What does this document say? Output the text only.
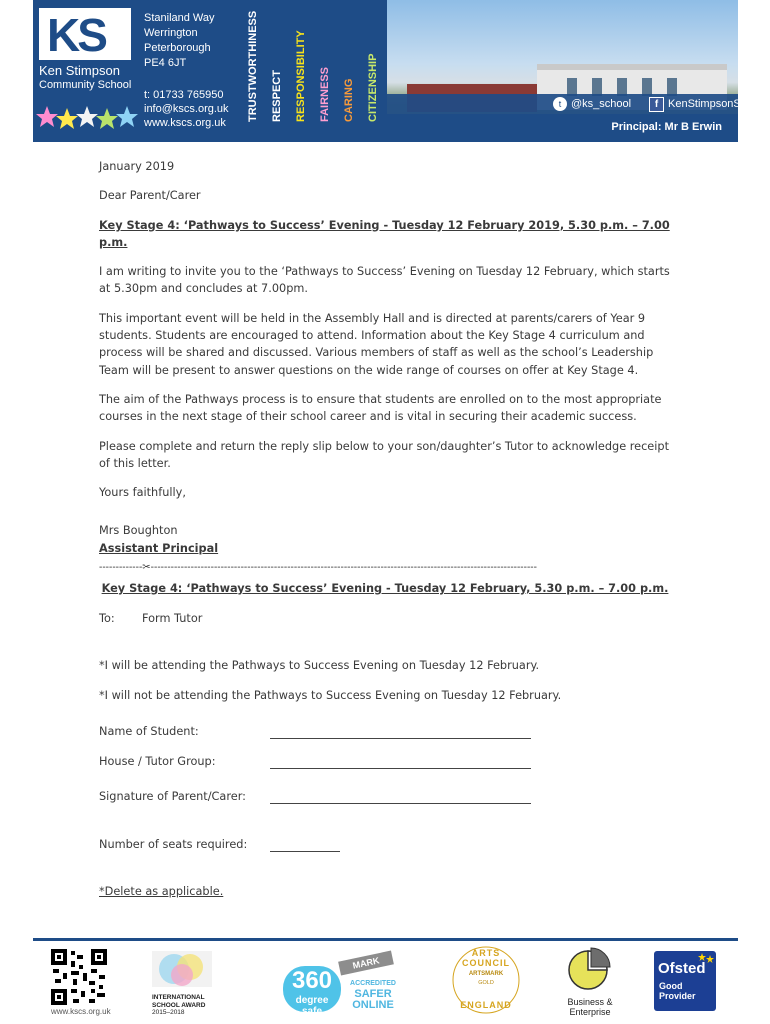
KS	Staniland Way
Werrington
Peterborough
PE4 6JT
Ken Stimpson
Community School
t: 01733 765950
info@kscs.org.uk
www.kscs.org.uk
TRUSTWORTHINESS RESPECT RESPONSIBILITY FAIRNESS CARING CITIZENSHIP	t @ks_school	f KenStimpsonSchool
Principal: Mr B Erwin

January 2019

Dear Parent/Carer

Key Stage 4: ‘Pathways to Success’ Evening - Tuesday 12 February 2019, 5.30 p.m. – 7.00 p.m.

I am writing to invite you to the ‘Pathways to Success’ Evening on Tuesday 12 February, which starts at 5.30pm and concludes at 7.00pm.

This important event will be held in the Assembly Hall and is directed at parents/carers of Year 9 students. Students are encouraged to attend. Information about the Key Stage 4 curriculum and process will be shared and discussed. Various members of staff as well as the school’s Leadership Team will be present to answer questions on the wide range of courses on offer at Key Stage 4.

The aim of the Pathways process is to ensure that students are enrolled on to the most appropriate courses in the next stage of their school career and is vital in securing their academic success.

Please complete and return the reply slip below to your son/daughter’s Tutor to acknowledge receipt of this letter.

Yours faithfully,

Mrs Boughton

Assistant Principal

-------------✂--------------------------------------------------------------------------------------------------------------------

Key Stage 4: ‘Pathways to Success’ Evening - Tuesday 12 February, 5.30 p.m. – 7.00 p.m.

To: Form Tutor
*I will be attending the Pathways to Success Evening on Tuesday 12 February.
*I will not be attending the Pathways to Success Evening on Tuesday 12 February.
Name of Student:
House / Tutor Group:
Signature of Parent/Carer:
Number of seats required:
*Delete as applicable.
www.kscs.org.uk
INTERNATIONAL
SCHOOL AWARD
2015–2018
360
degree safe
MARK
ACCREDITED
SAFER
ONLINE
ARTS COUNCIL
ARTSMARK
GOLD
ENGLAND	Business &
Enterprise
Ofsted
Good
Provider
